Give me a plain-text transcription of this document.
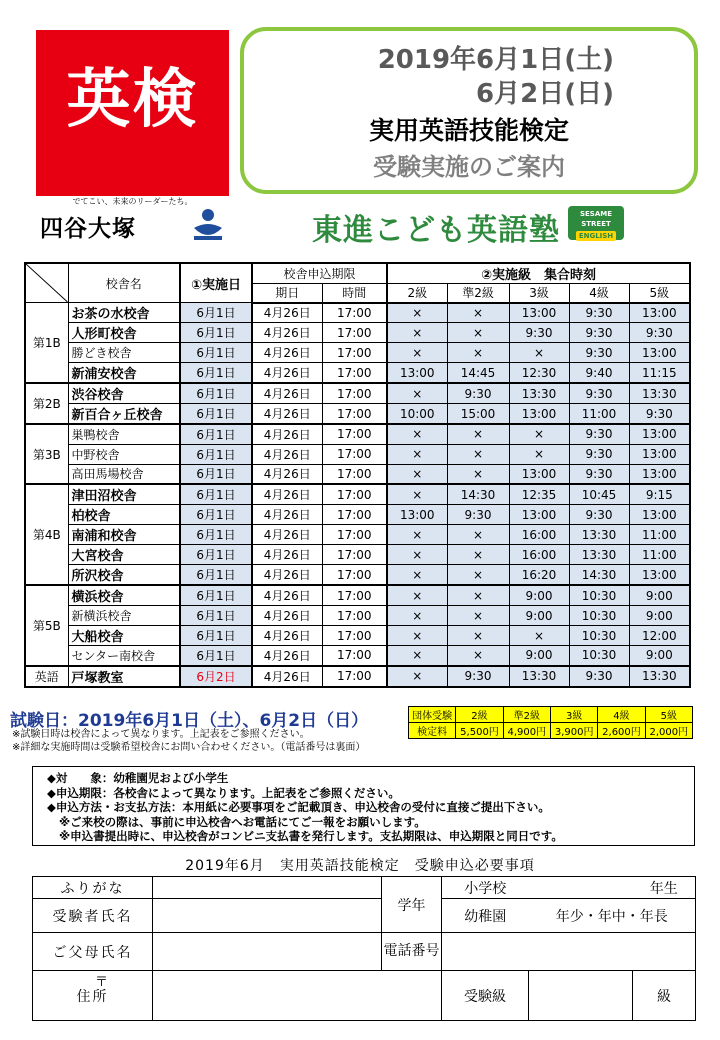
英検
でてこい、未来のリーダーたち。
四谷大塚
2019年6月1日(土)
6月2日(日)
実用英語技能検定
受験実施のご案内
東進こども英語塾	SESAME STREET
ENGLISH
	校舎名	①実施日	校舎申込期限		②実施級　集合時刻				
			期日	時間	2級	準2級	3級	4級	5級
第1B	お茶の水校舎	6月1日	4月26日	17:00	×	×	13:00	9:30	13:00
	人形町校舎	6月1日	4月26日	17:00	×	×	9:30	9:30	9:30
	勝どき校舎	6月1日	4月26日	17:00	×	×	×	9:30	13:00
	新浦安校舎	6月1日	4月26日	17:00	13:00	14:45	12:30	9:40	11:15
第2B	渋谷校舎	6月1日	4月26日	17:00	×	9:30	13:30	9:30	13:30
	新百合ヶ丘校舎	6月1日	4月26日	17:00	10:00	15:00	13:00	11:00	9:30
第3B	巣鴨校舎	6月1日	4月26日	17:00	×	×	×	9:30	13:00
	中野校舎	6月1日	4月26日	17:00	×	×	×	9:30	13:00
	高田馬場校舎	6月1日	4月26日	17:00	×	×	13:00	9:30	13:00
第4B	津田沼校舎	6月1日	4月26日	17:00	×	14:30	12:35	10:45	9:15
	柏校舎	6月1日	4月26日	17:00	13:00	9:30	13:00	9:30	13:00
	南浦和校舎	6月1日	4月26日	17:00	×	×	16:00	13:30	11:00
	大宮校舎	6月1日	4月26日	17:00	×	×	16:00	13:30	11:00
	所沢校舎	6月1日	4月26日	17:00	×	×	16:20	14:30	13:00
第5B	横浜校舎	6月1日	4月26日	17:00	×	×	9:00	10:30	9:00
	新横浜校舎	6月1日	4月26日	17:00	×	×	9:00	10:30	9:00
	大船校舎	6月1日	4月26日	17:00	×	×	×	10:30	12:00
	センター南校舎	6月1日	4月26日	17:00	×	×	9:00	10:30	9:00
英語	戸塚教室	6月2日	4月26日	17:00	×	9:30	13:30	9:30	13:30
試験日：2019年6月1日（土）、6月2日（日）
※試験日時は校舎によって異なります。上記表をご参照ください。
※詳細な実施時間は受験希望校舎にお問い合わせください。（電話番号は裏面）
団体受験	2級	準2級	3級	4級	5級
検定料	5,500円	4,900円	3,900円	2,600円	2,000円
◆対　　象：幼稚園児および小学生
◆申込期限：各校舎によって異なります。上記表をご参照ください。
◆申込方法・お支払方法：本用紙に必要事項をご記載頂き、申込校舎の受付に直接ご提出下さい。
※ご来校の際は、事前に申込校舎へお電話にてご一報をお願いします。
※申込書提出時に、申込校舎がコンビニ支払書を発行します。支払期限は、申込期限と同日です。
2019年6月　実用英語技能検定　受験申込必要事項
ふりがな		学年	小学校		年生
受験者氏名			幼稚園	年少・年中・年長	
ご父母氏名		電話番号			
住所	〒		受験級		級
